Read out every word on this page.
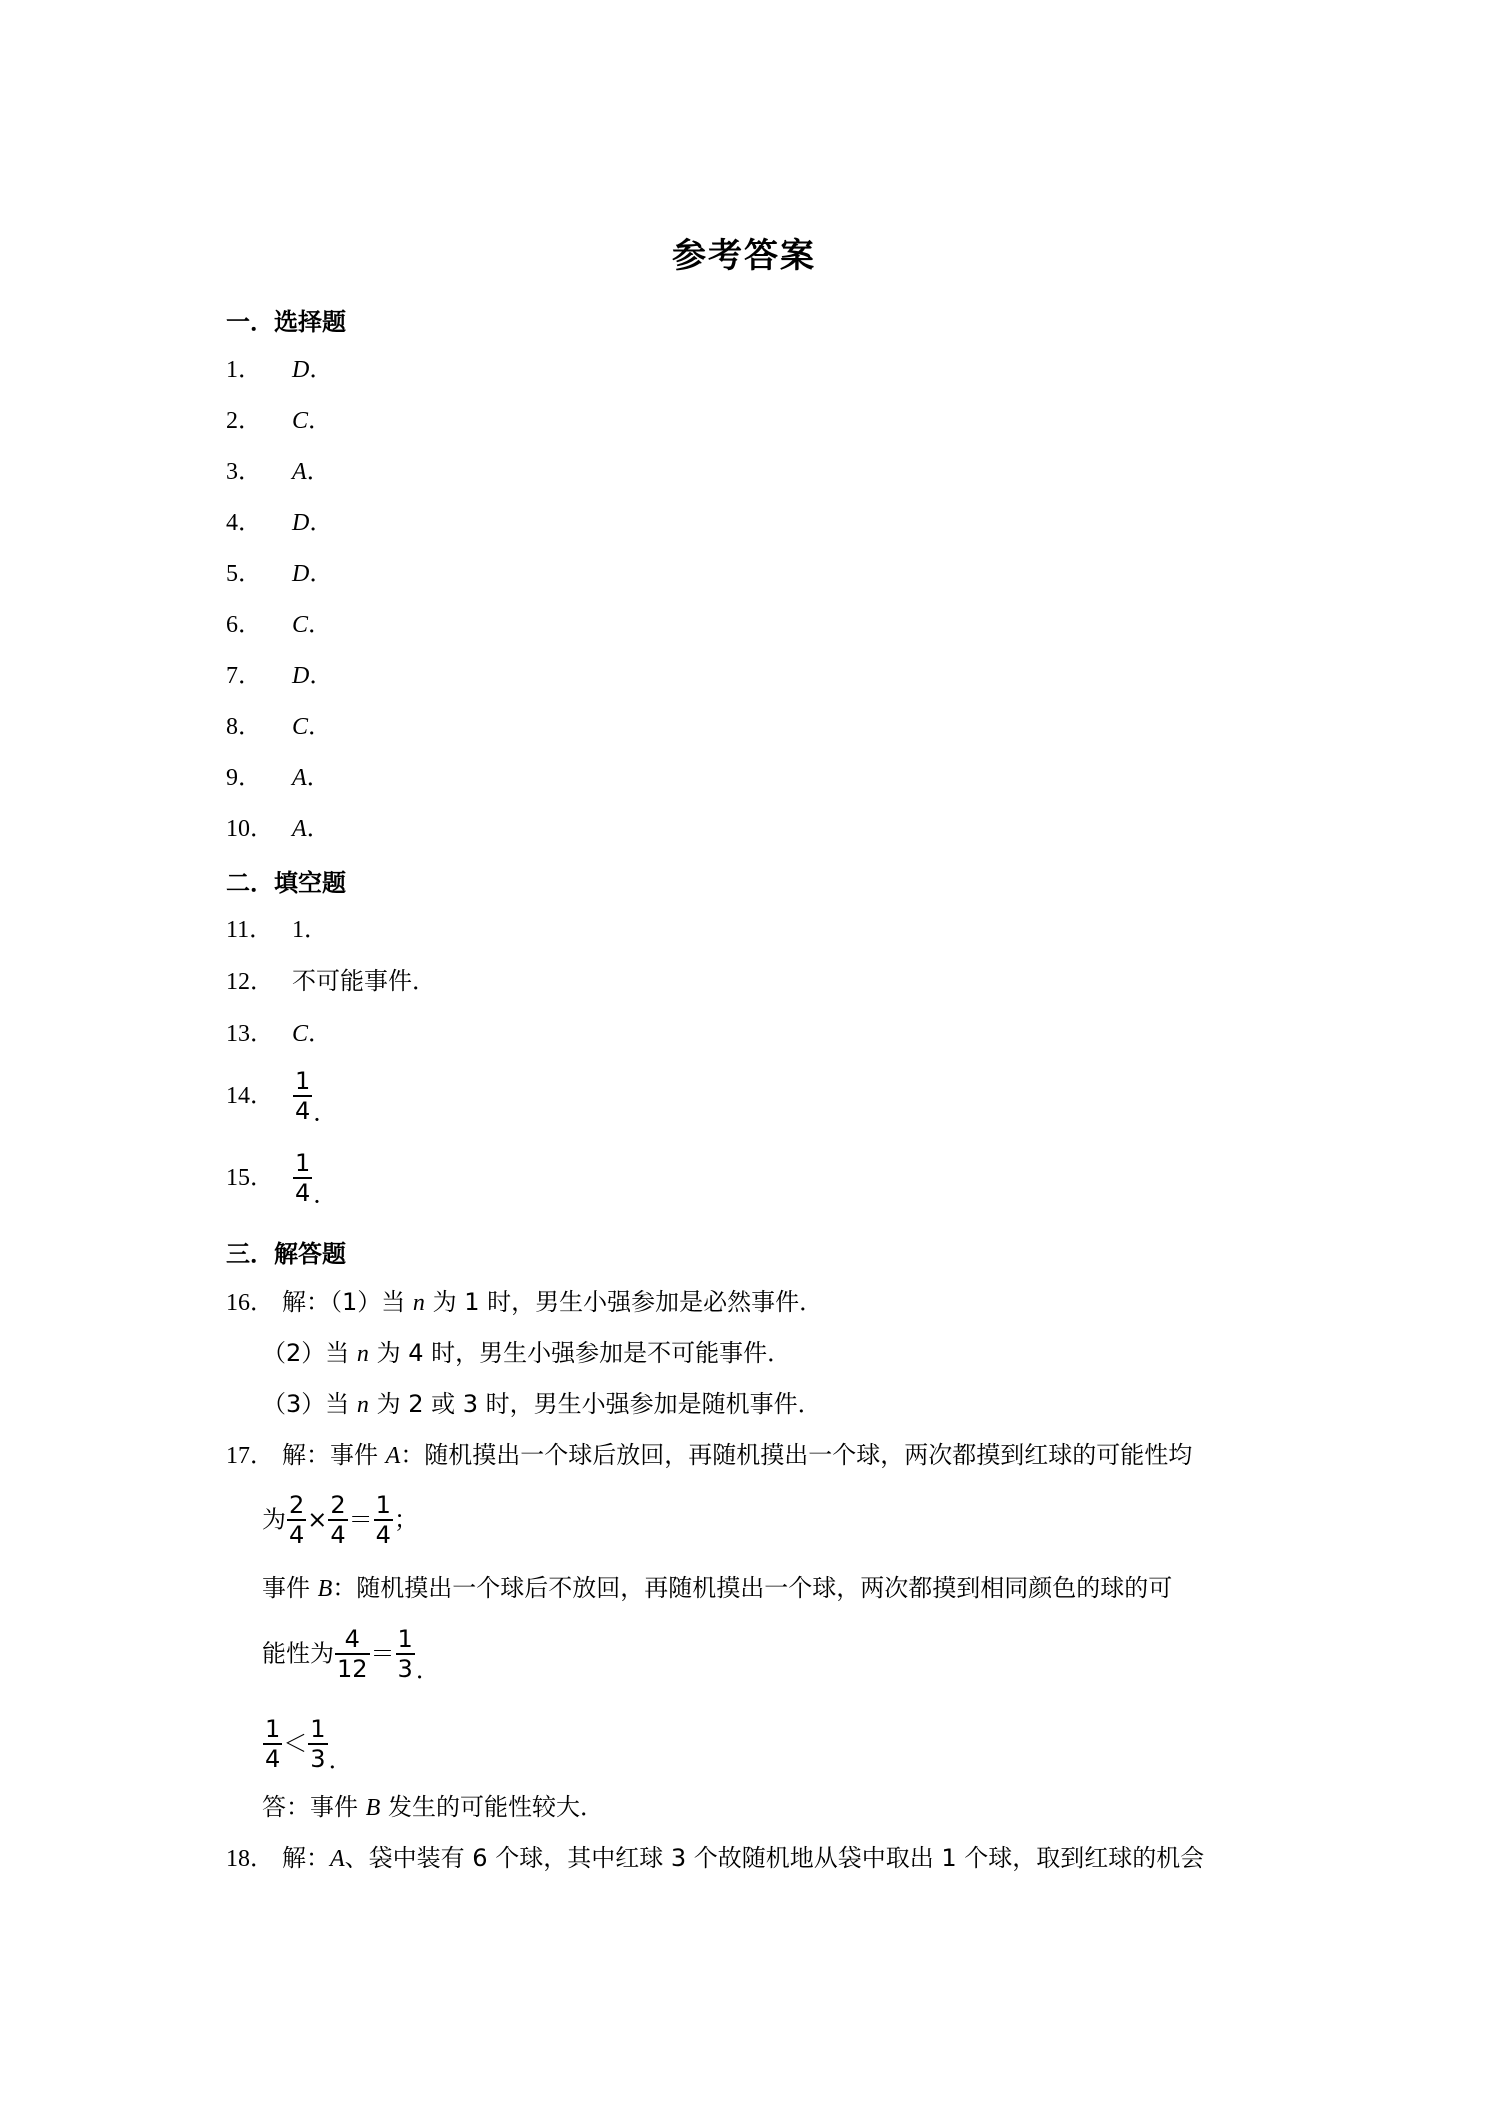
参考答案
一．选择题
1． D．
2． C．
3． A．
4． D．
5． D．
6． C．
7． D．
8． C．
9． A．
10． A．
二．填空题
11． 1．
12． 不可能事件．
13． C．
14． $\frac{1}{4}$ ．
15． $\frac{1}{4}$ ．
三．解答题
16． 解：（1）当 n 为 1 时，男生小强参加是必然事件．
（2）当 n 为 4 时，男生小强参加是不可能事件．
（3）当 n 为 2 或 3 时，男生小强参加是随机事件．
17． 解：事件 A：随机摸出一个球后放回，再随机摸出一个球，两次都摸到红球的可能性均
为 $\frac{2}{4} \times \frac{2}{4} = \frac{1}{4}$ ；
事件 B：随机摸出一个球后不放回，再随机摸出一个球，两次都摸到相同颜色的球的可
能性为 $\frac{4}{12} = \frac{1}{3}$ ．
$\frac{1}{4} < \frac{1}{3}$ ．
答：事件 B 发生的可能性较大．
18． 解：A、袋中装有 6 个球，其中红球 3 个故随机地从袋中取出 1 个球，取到红球的机会
